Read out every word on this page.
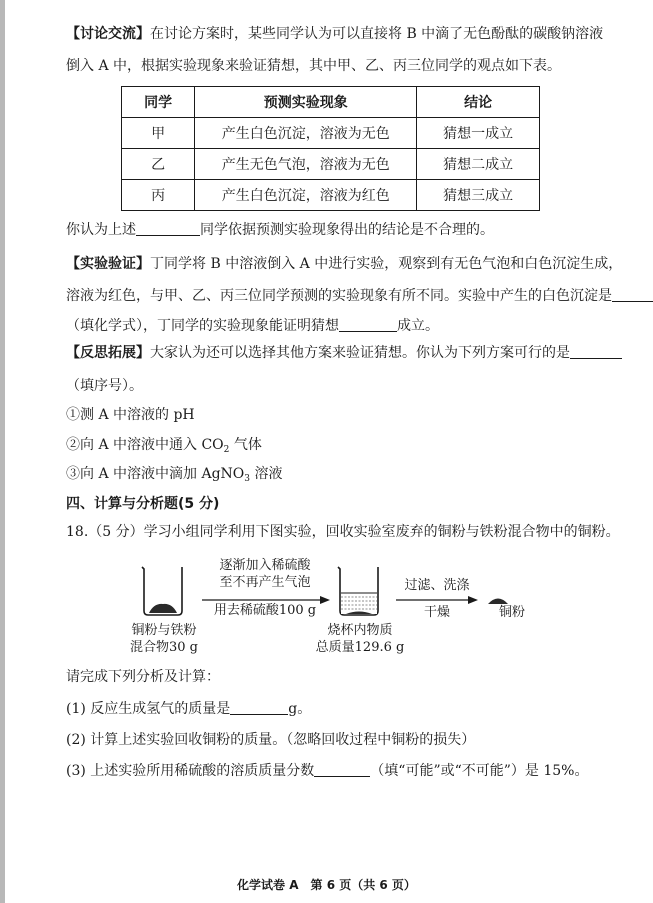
【讨论交流】在讨论方案时，某些同学认为可以直接将 B 中滴了无色酚酞的碳酸钠溶液
倒入 A 中，根据实验现象来验证猜想，其中甲、乙、丙三位同学的观点如下表。
同学	预测实验现象	结论
甲	产生白色沉淀，溶液为无色	猜想一成立
乙	产生无色气泡，溶液为无色	猜想二成立
丙	产生白色沉淀，溶液为红色	猜想三成立
你认为上述	同学依据预测实验现象得出的结论是不合理的。
【实验验证】丁同学将 B 中溶液倒入 A 中进行实验，观察到有无色气泡和白色沉淀生成，
溶液为红色，与甲、乙、丙三位同学预测的实验现象有所不同。实验中产生的白色沉淀是
（填化学式），丁同学的实验现象能证明猜想	成立。
【反思拓展】大家认为还可以选择其他方案来验证猜想。你认为下列方案可行的是
（填序号）。
①测 A 中溶液的 pH
②向 A 中溶液中通入 $CO_2$ 气体
③向 A 中溶液中滴加 AgNO$_3$ 溶液
四、计算与分析题(5 分)
18.（5 分）学习小组同学利用下图实验，回收实验室废弃的铜粉与铁粉混合物中的铜粉。
逐渐加入稀硫酸
至不再产生气泡
用去稀硫酸100 g
铜粉与铁粉
混合物30 g
烧杯内物质
总质量129.6 g
过滤、洗涤
干燥	铜粉
请完成下列分析及计算：
(1) 反应生成氢气的质量是	g。
(2) 计算上述实验回收铜粉的质量。（忽略回收过程中铜粉的损失）
(3) 上述实验所用稀硫酸的溶质质量分数	（填“可能”或“不可能”）是 15%。
化学试卷 A　第 6 页（共 6 页）
